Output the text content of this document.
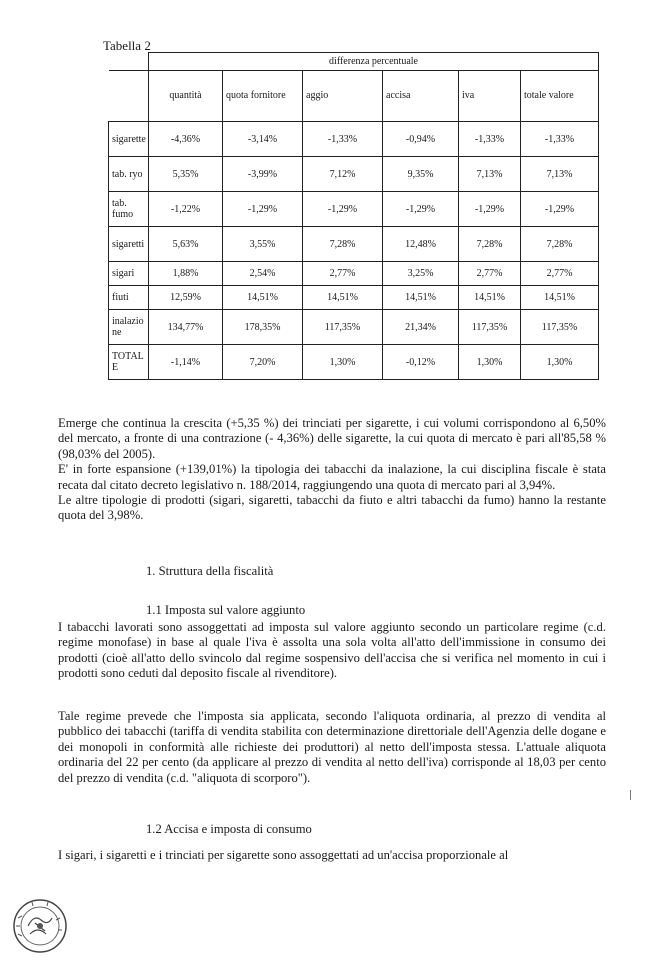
Tabella 2
	differenza percentuale					
	quantità	quota fornitore	aggio	accisa	iva	totale valore
sigarette	-4,36%	-3,14%	-1,33%	-0,94%	-1,33%	-1,33%
tab. ryo	5,35%	-3,99%	7,12%	9,35%	7,13%	7,13%
tab. fumo	-1,22%	-1,29%	-1,29%	-1,29%	-1,29%	-1,29%
sigaretti	5,63%	3,55%	7,28%	12,48%	7,28%	7,28%
sigari	1,88%	2,54%	2,77%	3,25%	2,77%	2,77%
fiuti	12,59%	14,51%	14,51%	14,51%	14,51%	14,51%
inalazione	134,77%	178,35%	117,35%	21,34%	117,35%	117,35%
TOTALE	-1,14%	7,20%	1,30%	-0,12%	1,30%	1,30%

Emerge che continua la crescita (+5,35 %) dei trinciati per sigarette, i cui volumi corrispondono al 6,50% del mercato, a fronte di una contrazione (- 4,36%) delle sigarette, la cui quota di mercato è pari all'85,58 % (98,03% del 2005).

E' in forte espansione (+139,01%) la tipologia dei tabacchi da inalazione, la cui disciplina fiscale è stata recata dal citato decreto legislativo n. 188/2014, raggiungendo una quota di mercato pari al 3,94%.

Le altre tipologie di prodotti (sigari, sigaretti, tabacchi da fiuto e altri tabacchi da fumo) hanno la restante quota del 3,98%.

1. Struttura della fiscalità
1.1 Imposta sul valore aggiunto
I tabacchi lavorati sono assoggettati ad imposta sul valore aggiunto secondo un particolare regime (c.d. regime monofase) in base al quale l'iva è assolta una sola volta all'atto dell'immissione in consumo dei prodotti (cioè all'atto dello svincolo dal regime sospensivo dell'accisa che si verifica nel momento in cui i prodotti sono ceduti dal deposito fiscale al rivenditore).
Tale regime prevede che l'imposta sia applicata, secondo l'aliquota ordinaria, al prezzo di vendita al pubblico dei tabacchi (tariffa di vendita stabilita con determinazione direttoriale dell'Agenzia delle dogane e dei monopoli in conformità alle richieste dei produttori) al netto dell'imposta stessa. L'attuale aliquota ordinaria del 22 per cento (da applicare al prezzo di vendita al netto dell'iva) corrisponde al 18,03 per cento del prezzo di vendita (c.d. "aliquota di scorporo").
1.2 Accisa e imposta di consumo
I sigari, i sigaretti e i trinciati per sigarette sono assoggettati ad un'accisa proporzionale al
